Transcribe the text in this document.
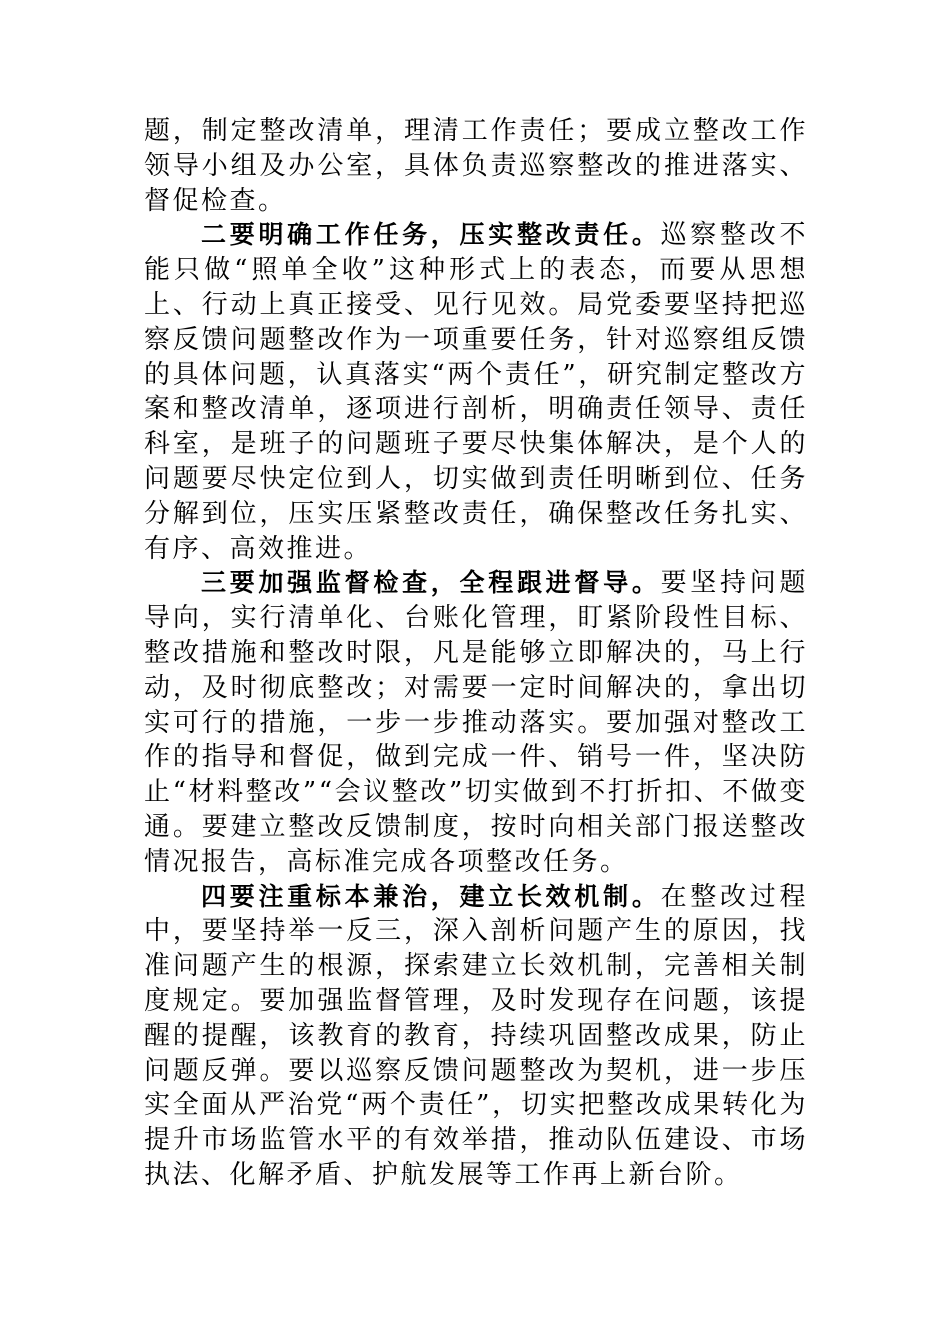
题，制定整改清单，理清工作责任；要成立整改工作领导小组及办公室，具体负责巡察整改的推进落实、督促检查。

二要明确工作任务，压实整改责任。巡察整改不能只做“照单全收”这种形式上的表态，而要从思想上、行动上真正接受、见行见效。局党委要坚持把巡察反馈问题整改作为一项重要任务，针对巡察组反馈的具体问题，认真落实“两个责任”，研究制定整改方案和整改清单，逐项进行剖析，明确责任领导、责任科室，是班子的问题班子要尽快集体解决，是个人的问题要尽快定位到人，切实做到责任明晰到位、任务分解到位，压实压紧整改责任，确保整改任务扎实、有序、高效推进。

三要加强监督检查，全程跟进督导。要坚持问题导向，实行清单化、台账化管理，盯紧阶段性目标、整改措施和整改时限，凡是能够立即解决的，马上行动，及时彻底整改；对需要一定时间解决的，拿出切实可行的措施，一步一步推动落实。要加强对整改工作的指导和督促，做到完成一件、销号一件，坚决防止“材料整改”“会议整改”切实做到不打折扣、不做变通。要建立整改反馈制度，按时向相关部门报送整改情况报告，高标准完成各项整改任务。

四要注重标本兼治，建立长效机制。在整改过程中，要坚持举一反三，深入剖析问题产生的原因，找准问题产生的根源，探索建立长效机制，完善相关制度规定。要加强监督管理，及时发现存在问题，该提醒的提醒，该教育的教育，持续巩固整改成果，防止问题反弹。要以巡察反馈问题整改为契机，进一步压实全面从严治党“两个责任”，切实把整改成果转化为提升市场监管水平的有效举措，推动队伍建设、市场执法、化解矛盾、护航发展等工作再上新台阶。
